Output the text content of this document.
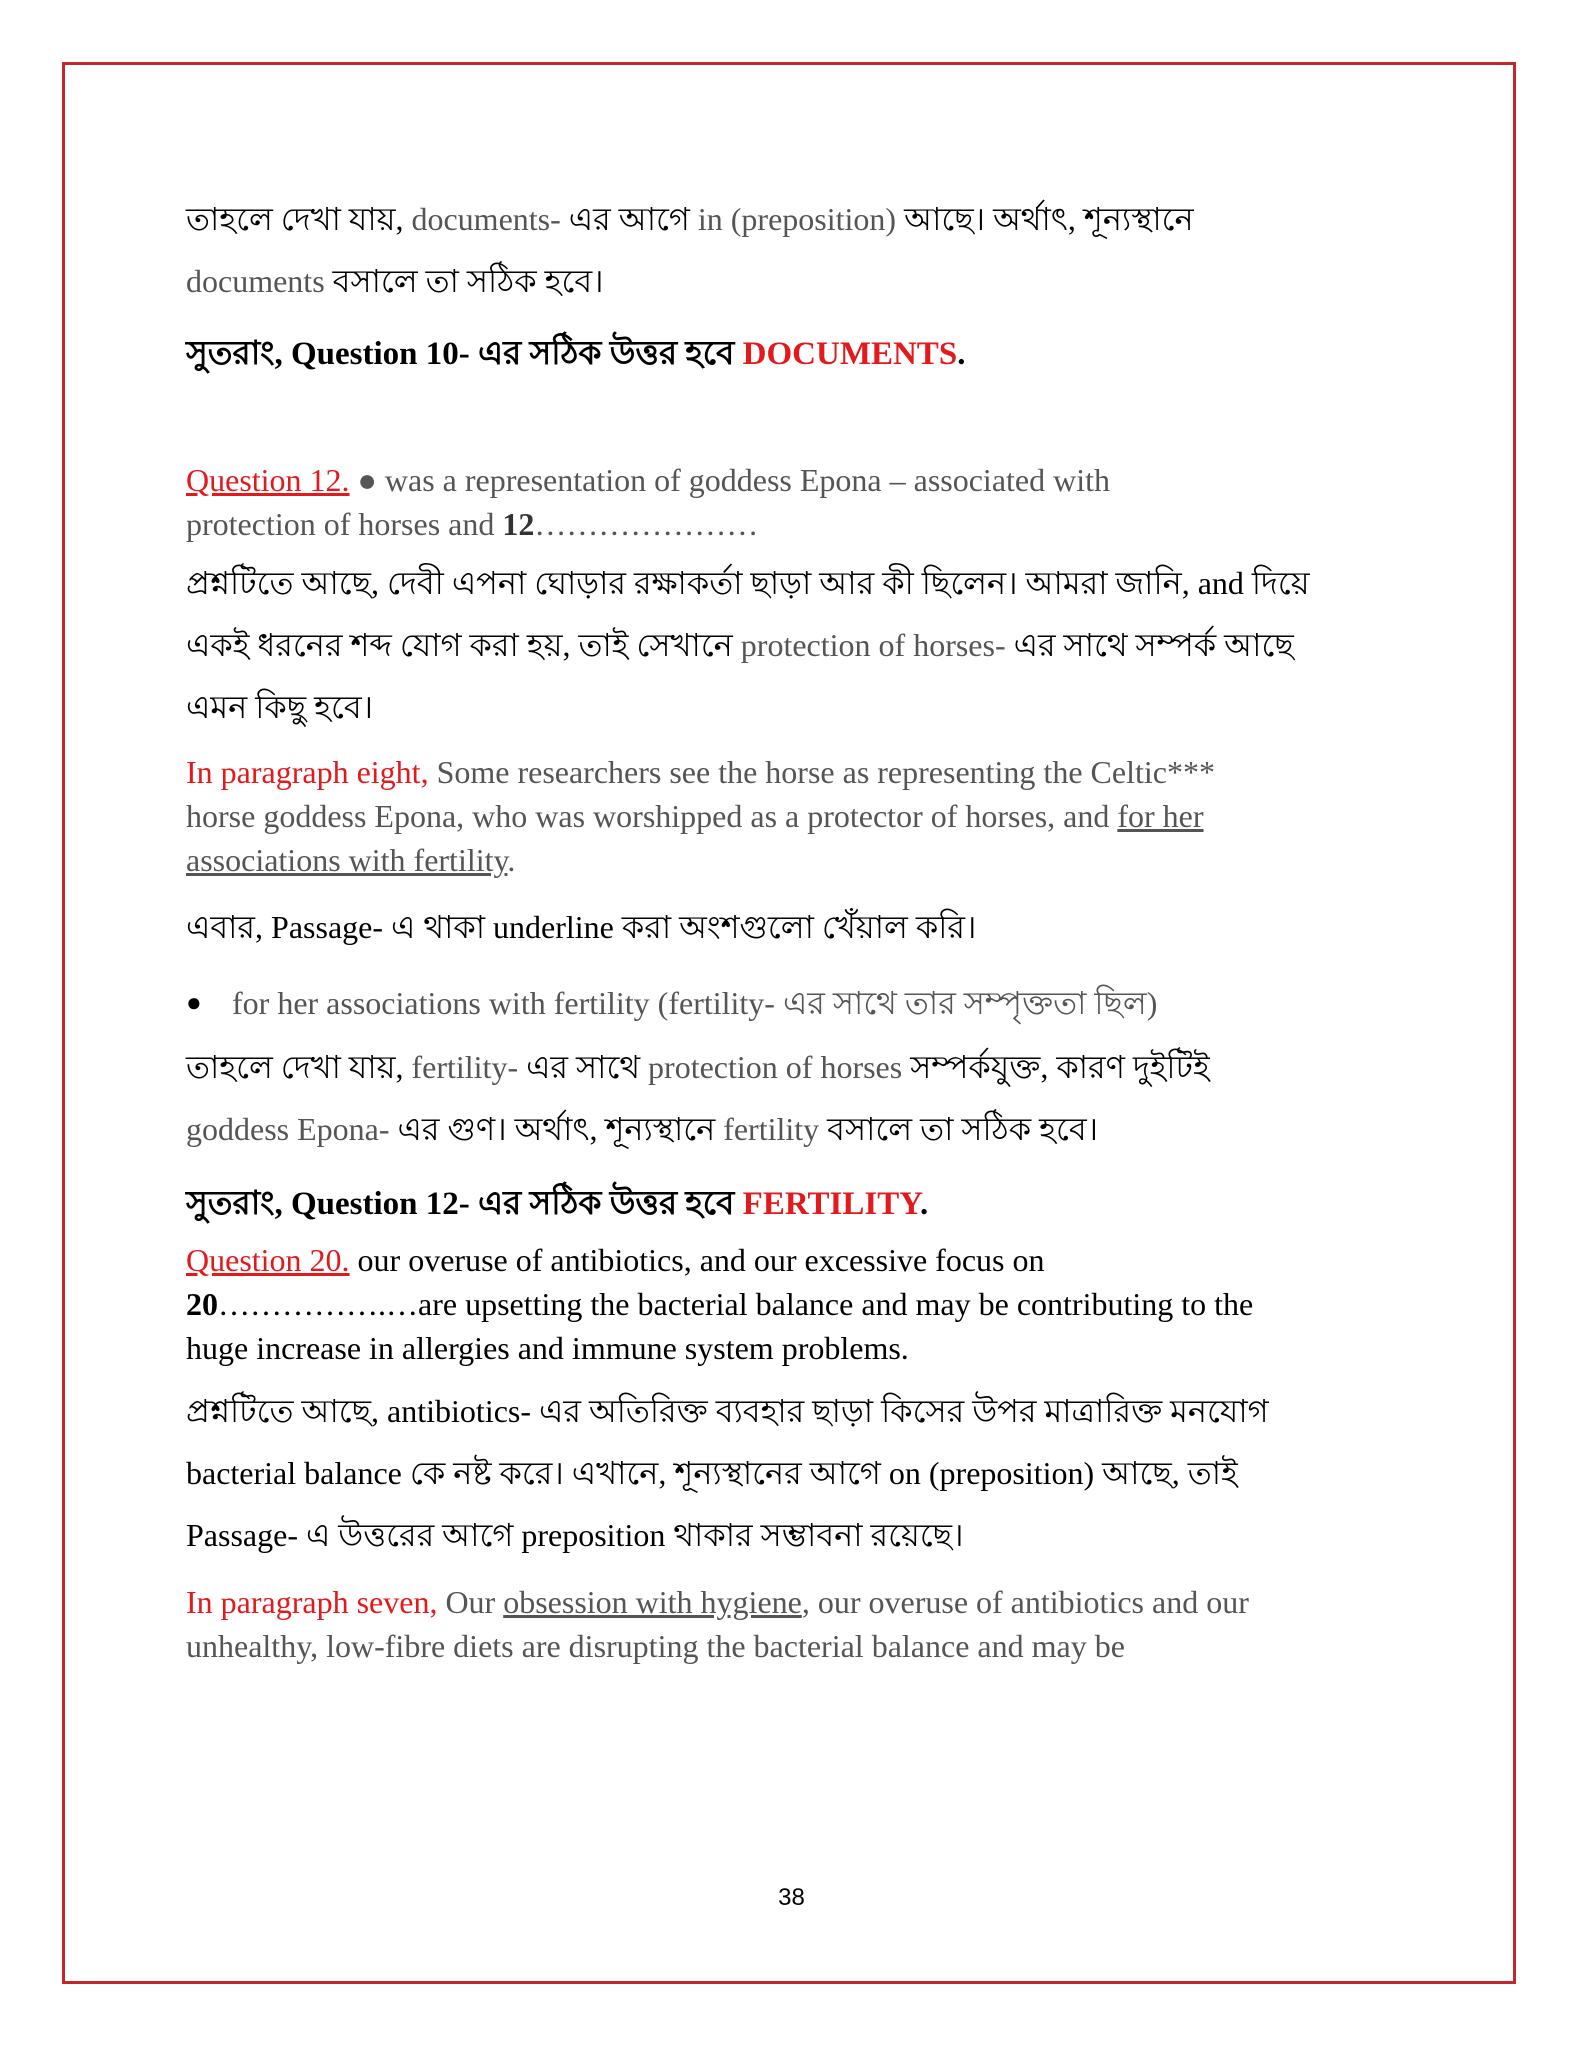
তাহলে দেখা যায়, documents- এর আগে in (preposition) আছে। অর্থাৎ, শূন্যস্থানে
documents বসালে তা সঠিক হবে।

সুতরাং, Question 10- এর সঠিক উত্তর হবে DOCUMENTS.

Question 12. ● was a representation of goddess Epona – associated with
protection of horses and 12…………………

প্রশ্নটিতে আছে, দেবী এপনা ঘোড়ার রক্ষাকর্তা ছাড়া আর কী ছিলেন। আমরা জানি, and দিয়ে
একই ধরনের শব্দ যোগ করা হয়, তাই সেখানে protection of horses- এর সাথে সম্পর্ক আছে
এমন কিছু হবে।

In paragraph eight, Some researchers see the horse as representing the Celtic***
horse goddess Epona, who was worshipped as a protector of horses, and for her
associations with fertility.

এবার, Passage- এ থাকা underline করা অংশগুলো খেঁয়াল করি।

● for her associations with fertility (fertility- এর সাথে তার সম্পৃক্ততা ছিল)

তাহলে দেখা যায়, fertility- এর সাথে protection of horses সম্পর্কযুক্ত, কারণ দুইটিই
goddess Epona- এর গুণ। অর্থাৎ, শূন্যস্থানে fertility বসালে তা সঠিক হবে।

সুতরাং, Question 12- এর সঠিক উত্তর হবে FERTILITY.

Question 20. our overuse of antibiotics, and our excessive focus on
20…………….…are upsetting the bacterial balance and may be contributing to the
huge increase in allergies and immune system problems.

প্রশ্নটিতে আছে, antibiotics- এর অতিরিক্ত ব্যবহার ছাড়া কিসের উপর মাত্রারিক্ত মনযোগ
bacterial balance কে নষ্ট করে। এখানে, শূন্যস্থানের আগে on (preposition) আছে, তাই
Passage- এ উত্তরের আগে preposition থাকার সম্ভাবনা রয়েছে।

In paragraph seven, Our obsession with hygiene, our overuse of antibiotics and our
unhealthy, low-fibre diets are disrupting the bacterial balance and may be

38
